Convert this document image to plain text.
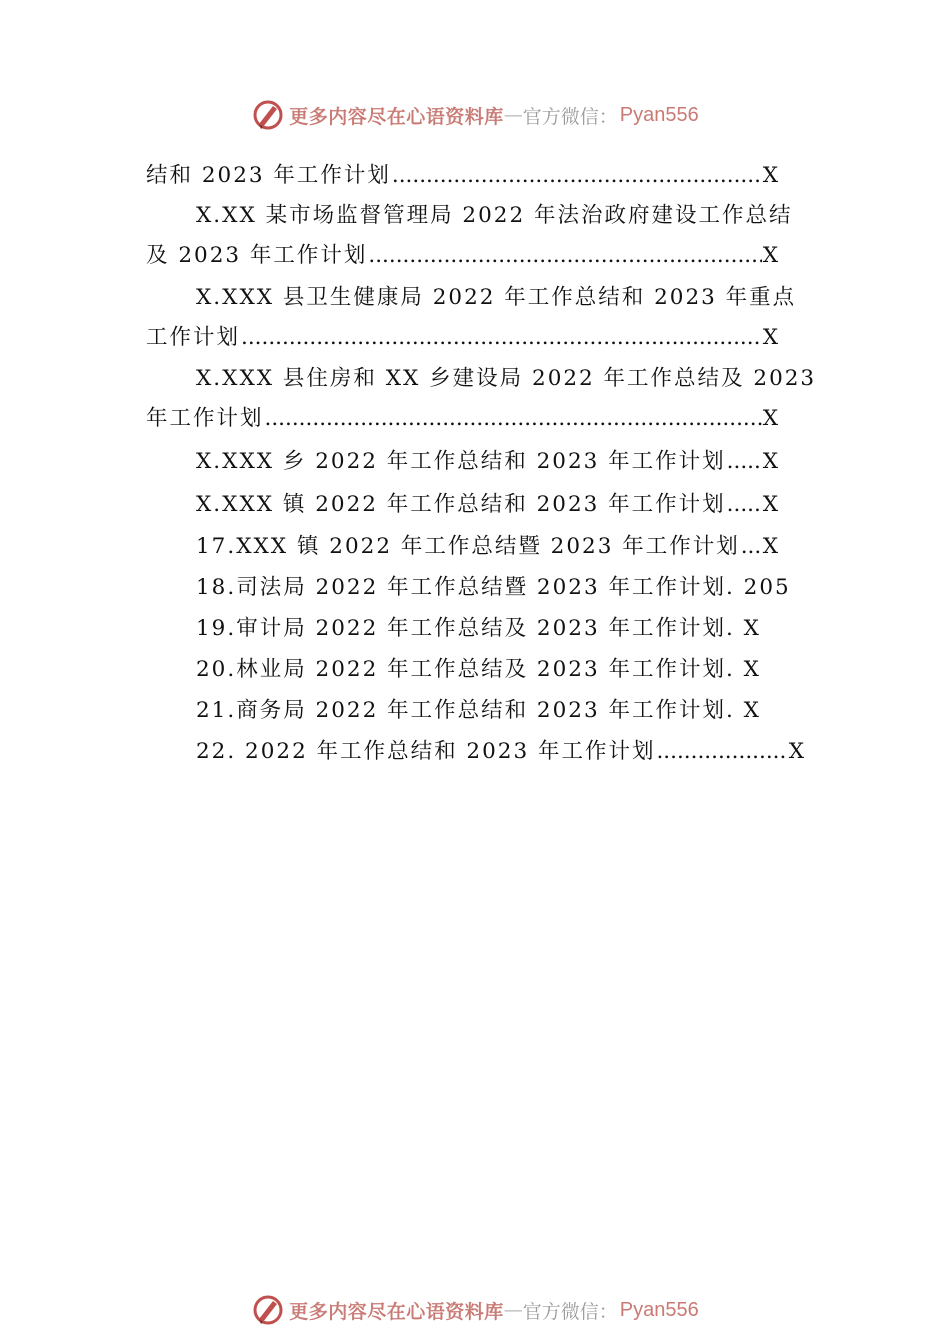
更多内容尽在心语资料库 — 官方微信： Pyan556
结和 2023 年工作计划 .....	X
X.XX 某市场监督管理局 2022 年法治政府建设工作总结
及 2023 年工作计划 .....	X
X.XXX 县卫生健康局 2022 年工作总结和 2023 年重点
工作计划 .....	X
X.XXX 县住房和 XX 乡建设局 2022 年工作总结及 2023
年工作计划 .....	X
X.XXX 乡 2022 年工作总结和 2023 年工作计划 ..... X
X.XXX 镇 2022 年工作总结和 2023 年工作计划 ..... X
17.XXX 镇 2022 年工作总结暨 2023 年工作计划 ..... X
18.司法局 2022 年工作总结暨 2023 年工作计划 . 205
19.审计局 2022 年工作总结及 2023 年工作计划 . X
20.林业局 2022 年工作总结及 2023 年工作计划 . X
21.商务局 2022 年工作总结和 2023 年工作计划 . X
22. 2022 年工作总结和 2023 年工作计划 .....	X
更多内容尽在心语资料库 — 官方微信： Pyan556
